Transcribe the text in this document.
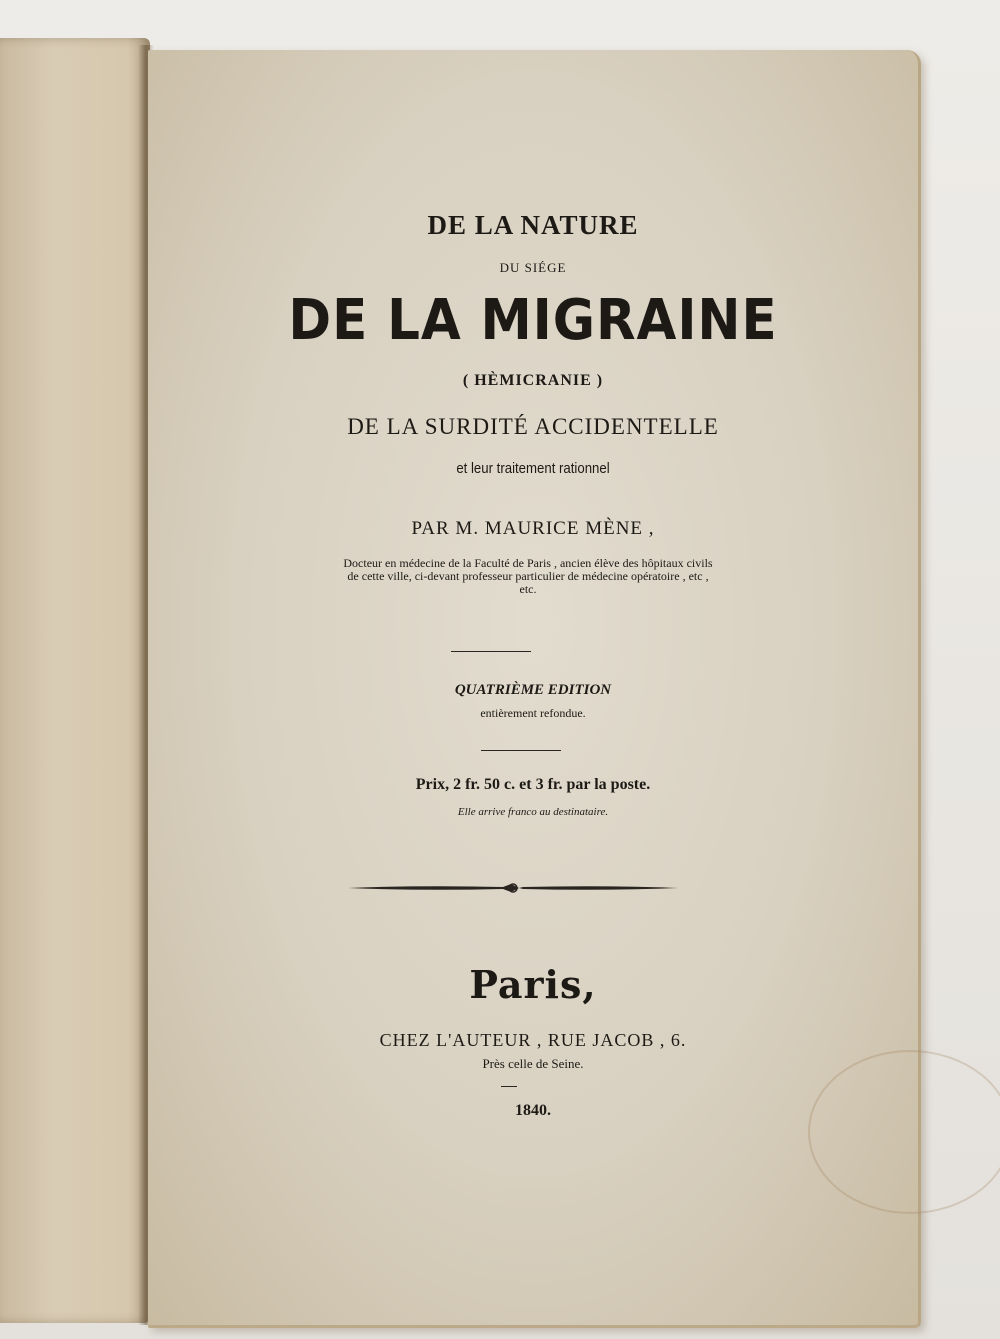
DE LA NATURE
DU SIÉGE
DE LA MIGRAINE
( HÈMICRANIE )
DE LA SURDITÉ ACCIDENTELLE
et leur traitement rationnel
PAR M. MAURICE MÈNE ,
Docteur en médecine de la Faculté de Paris , ancien élève des hôpitaux civils de cette ville, ci-devant professeur particulier de médecine opératoire , etc , etc.
QUATRIÈME EDITION
entièrement refondue.
Prix, 2 fr. 50 c. et 3 fr. par la poste.
Elle arrive franco au destinataire.
Paris,
CHEZ L'AUTEUR , RUE JACOB , 6.
Près celle de Seine.
1840.
